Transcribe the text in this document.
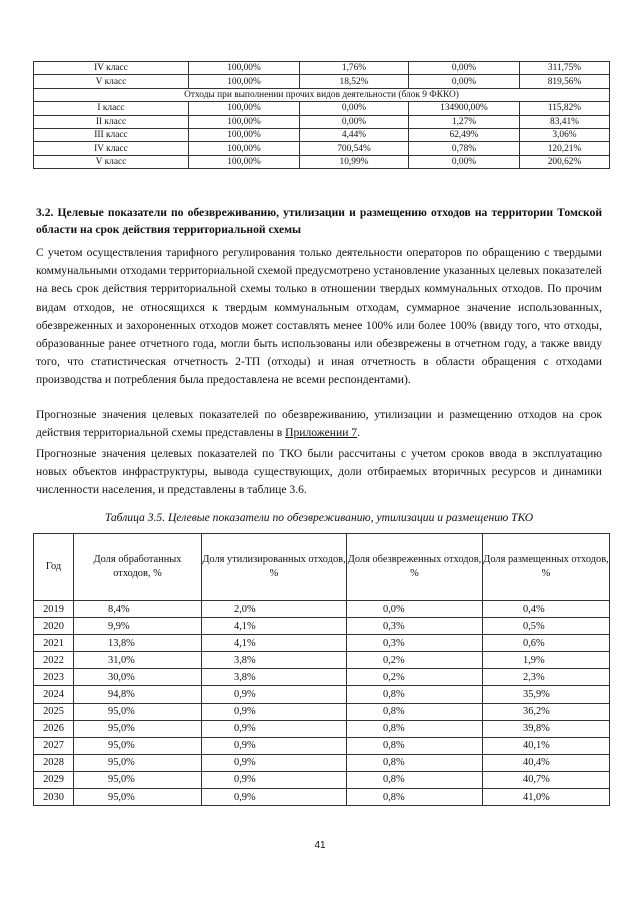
IV класс	100,00%	1,76%	0,00%	311,75%
V класс	100,00%	18,52%	0,00%	819,56%
Отходы при выполнении прочих видов деятельности (блок 9 ФККО)				
I класс	100,00%	0,00%	134900,00%	115,82%
II класс	100,00%	0,00%	1,27%	83,41%
III класс	100,00%	4,44%	62,49%	3,06%
IV класс	100,00%	700,54%	0,78%	120,21%
V класс	100,00%	10,99%	0,00%	200,62%
3.2. Целевые показатели по обезвреживанию, утилизации и размещению отходов на территории Томской области на срок действия территориальной схемы

С учетом осуществления тарифного регулирования только деятельности операторов по обращению с твердыми коммунальными отходами территориальной схемой предусмотрено установление указанных целевых показателей на весь срок действия территориальной схемы только в отношении твердых коммунальных отходов. По прочим видам отходов, не относящихся к твердым коммунальным отходам, суммарное значение использованных, обезвреженных и захороненных отходов может составлять менее 100% или более 100% (ввиду того, что отходы, образованные ранее отчетного года, могли быть использованы или обезврежены в отчетном году, а также ввиду того, что статистическая отчетность 2-ТП (отходы) и иная отчетность в области обращения с отходами производства и потребления была предоставлена не всеми респондентами).

Прогнозные значения целевых показателей по обезвреживанию, утилизации и размещению отходов на срок действия территориальной схемы представлены в Приложении 7.

Прогнозные значения целевых показателей по ТКО были рассчитаны с учетом сроков ввода в эксплуатацию новых объектов инфраструктуры, вывода существующих, доли отбираемых вторичных ресурсов и динамики численности населения, и представлены в таблице 3.6.

Таблица 3.5. Целевые показатели по обезвреживанию, утилизации и размещению ТКО
Год	Доля обработанных отходов, %	Доля утилизированных отходов, %	Доля обезвреженных отходов, %	Доля размещенных отходов, %
2019	8,4%	2,0%	0,0%	0,4%
2020	9,9%	4,1%	0,3%	0,5%
2021	13,8%	4,1%	0,3%	0,6%
2022	31,0%	3,8%	0,2%	1,9%
2023	30,0%	3,8%	0,2%	2,3%
2024	94,8%	0,9%	0,8%	35,9%
2025	95,0%	0,9%	0,8%	36,2%
2026	95,0%	0,9%	0,8%	39,8%
2027	95,0%	0,9%	0,8%	40,1%
2028	95,0%	0,9%	0,8%	40,4%
2029	95,0%	0,9%	0,8%	40,7%
2030	95,0%	0,9%	0,8%	41,0%
41
